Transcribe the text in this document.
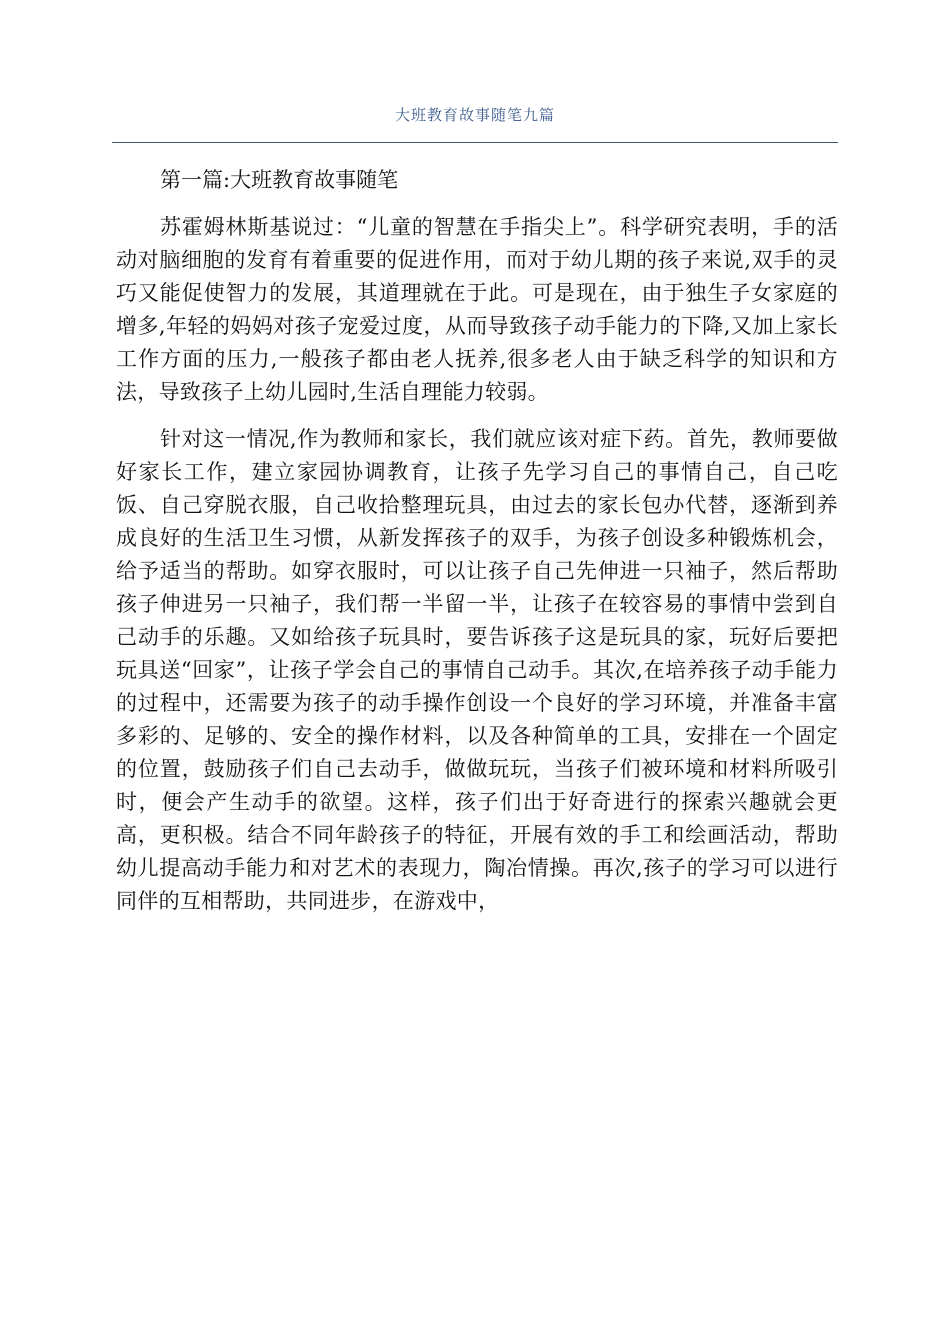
大班教育故事随笔九篇
第一篇:大班教育故事随笔

苏霍姆林斯基说过：“儿童的智慧在手指尖上”。科学研究表明，手的活动对脑细胞的发育有着重要的促进作用，而对于幼儿期的孩子来说,双手的灵巧又能促使智力的发展，其道理就在于此。可是现在，由于独生子女家庭的增多,年轻的妈妈对孩子宠爱过度，从而导致孩子动手能力的下降,又加上家长工作方面的压力,一般孩子都由老人抚养,很多老人由于缺乏科学的知识和方法，导致孩子上幼儿园时,生活自理能力较弱。

针对这一情况,作为教师和家长，我们就应该对症下药。首先，教师要做好家长工作，建立家园协调教育，让孩子先学习自己的事情自己，自己吃饭、自己穿脱衣服，自己收拾整理玩具，由过去的家长包办代替，逐渐到养成良好的生活卫生习惯，从新发挥孩子的双手，为孩子创设多种锻炼机会，给予适当的帮助。如穿衣服时，可以让孩子自己先伸进一只袖子，然后帮助孩子伸进另一只袖子，我们帮一半留一半，让孩子在较容易的事情中尝到自己动手的乐趣。又如给孩子玩具时，要告诉孩子这是玩具的家，玩好后要把玩具送“回家”，让孩子学会自己的事情自己动手。其次,在培养孩子动手能力的过程中，还需要为孩子的动手操作创设一个良好的学习环境，并准备丰富多彩的、足够的、安全的操作材料，以及各种简单的工具，安排在一个固定的位置，鼓励孩子们自己去动手，做做玩玩，当孩子们被环境和材料所吸引时，便会产生动手的欲望。这样，孩子们出于好奇进行的探索兴趣就会更高，更积极。结合不同年龄孩子的特征，开展有效的手工和绘画活动，帮助幼儿提高动手能力和对艺术的表现力，陶冶情操。再次,孩子的学习可以进行同伴的互相帮助，共同进步，在游戏中，
